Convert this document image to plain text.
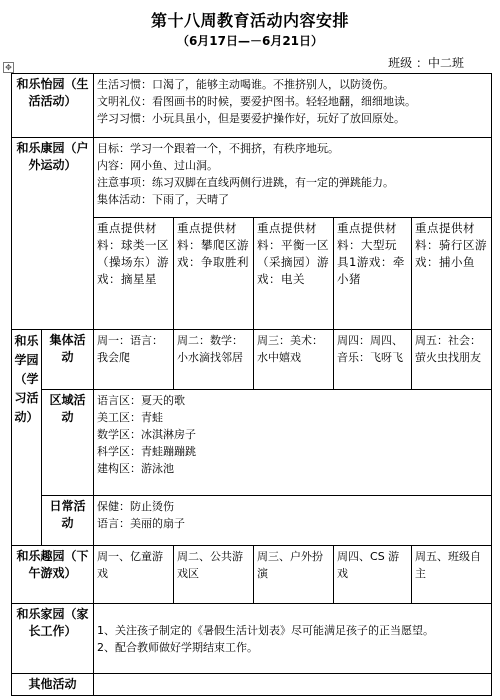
第十八周教育活动内容安排
（6月17日—－6月21日）
班级 ：中二班
✥
和乐怡园（生活活动）		生活习惯：口渴了，能够主动喝谁。不推挤别人，以防烫伤。
文明礼仪：看图画书的时候，要爱护图书。轻轻地翻，细细地读。
学习习惯：小玩具虽小，但是要爱护操作好，玩好了放回原处。				

和乐康园（户外运动）		目标：学习一个跟着一个，不拥挤，有秩序地玩。
内容：网小鱼、过山洞。
注意事项：练习双脚在直线两侧行进跳，有一定的弹跳能力。
集体活动：下雨了，天晴了				

		重点提供材料：球类一区（操场东）游戏：摘星星	重点提供材料：攀爬区游戏：争取胜利	重点提供材料：平衡一区（采摘园）游戏：电关	重点提供材料：大型玩具1游戏：牵小猪	重点提供材料：骑行区游戏：捕小鱼
和乐学园（学习活动）	集体活动	周一：语言：我会爬	周二：数学：小水滴找邻居	周三：美术：水中嬉戏	周四：周四、音乐：飞呀飞	周五：社会：萤火虫找朋友
	区域活动	语言区：夏天的歌
美工区：青蛙
数学区：冰淇淋房子
科学区：青蛙蹦蹦跳
建构区：游泳池				

	日常活动	保健：防止烫伤
语言：美丽的扇子				

和乐趣园（下午游戏）		周一、亿童游戏	周二、公共游戏区	周三、户外扮演	周四、CS 游戏	周五、班级自主
和乐家园（家长工作）		1、关注孩子制定的《暑假生活计划表》尽可能满足孩子的正当愿望。
2、配合教师做好学期结束工作。				

其他活动						
